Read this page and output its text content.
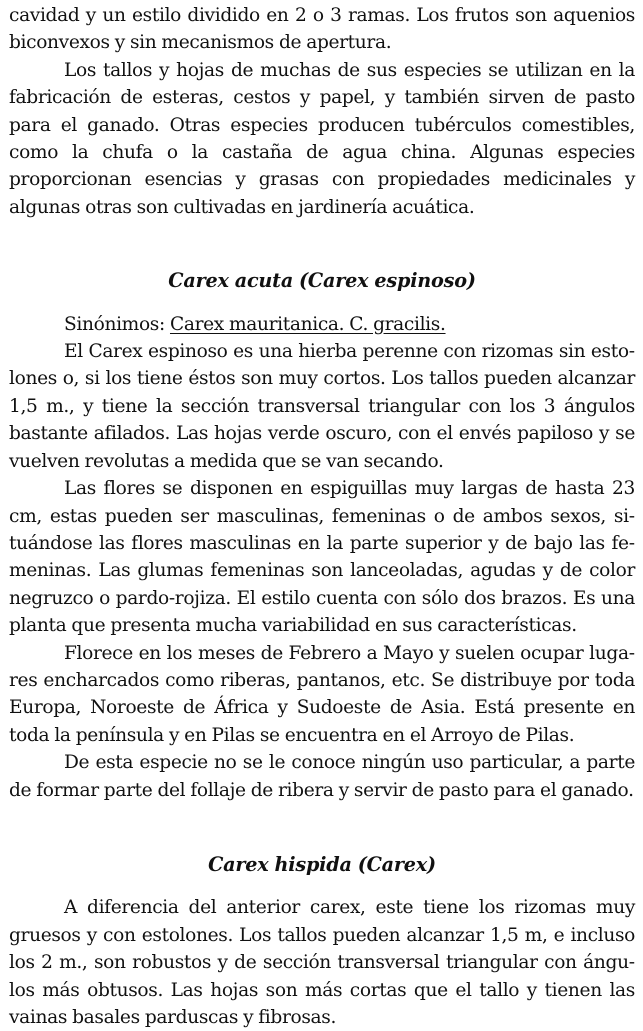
cavidad y un estilo dividido en 2 o 3 ramas. Los frutos son aquenios biconvexos y sin mecanismos de apertura.

Los tallos y hojas de muchas de sus especies se utilizan en la fabricación de esteras, cestos y papel, y también sirven de pasto para el ganado. Otras especies producen tubérculos comestibles, como la chufa o la castaña de agua china. Algunas especies proporcionan esencias y grasas con propiedades medicinales y algunas otras son cultivadas en jardinería acuática.

Carex acuta (Carex espinoso)

Sinónimos: Carex mauritanica. C. gracilis.

El Carex espinoso es una hierba perenne con rizomas sin estolones o, si los tiene éstos son muy cortos. Los tallos pueden alcanzar 1,5 m., y tiene la sección transversal triangular con los 3 ángulos bastante afilados. Las hojas verde oscuro, con el envés papiloso y se vuelven revolutas a medida que se van secando.

Las flores se disponen en espiguillas muy largas de hasta 23 cm, estas pueden ser masculinas, femeninas o de ambos sexos, situándose las flores masculinas en la parte superior y de bajo las femeninas. Las glumas femeninas son lanceoladas, agudas y de color negruzco o pardo-rojiza. El estilo cuenta con sólo dos brazos. Es una planta que presenta mucha variabilidad en sus características.

Florece en los meses de Febrero a Mayo y suelen ocupar lugares encharcados como riberas, pantanos, etc. Se distribuye por toda Europa, Noroeste de África y Sudoeste de Asia. Está presente en toda la península y en Pilas se encuentra en el Arroyo de Pilas.

De esta especie no se le conoce ningún uso particular, a parte de formar parte del follaje de ribera y servir de pasto para el ganado.

Carex hispida (Carex)

A diferencia del anterior carex, este tiene los rizomas muy gruesos y con estolones. Los tallos pueden alcanzar 1,5 m, e incluso los 2 m., son robustos y de sección transversal triangular con ángulos más obtusos. Las hojas son más cortas que el tallo y tienen las vainas basales parduscas y fibrosas.
